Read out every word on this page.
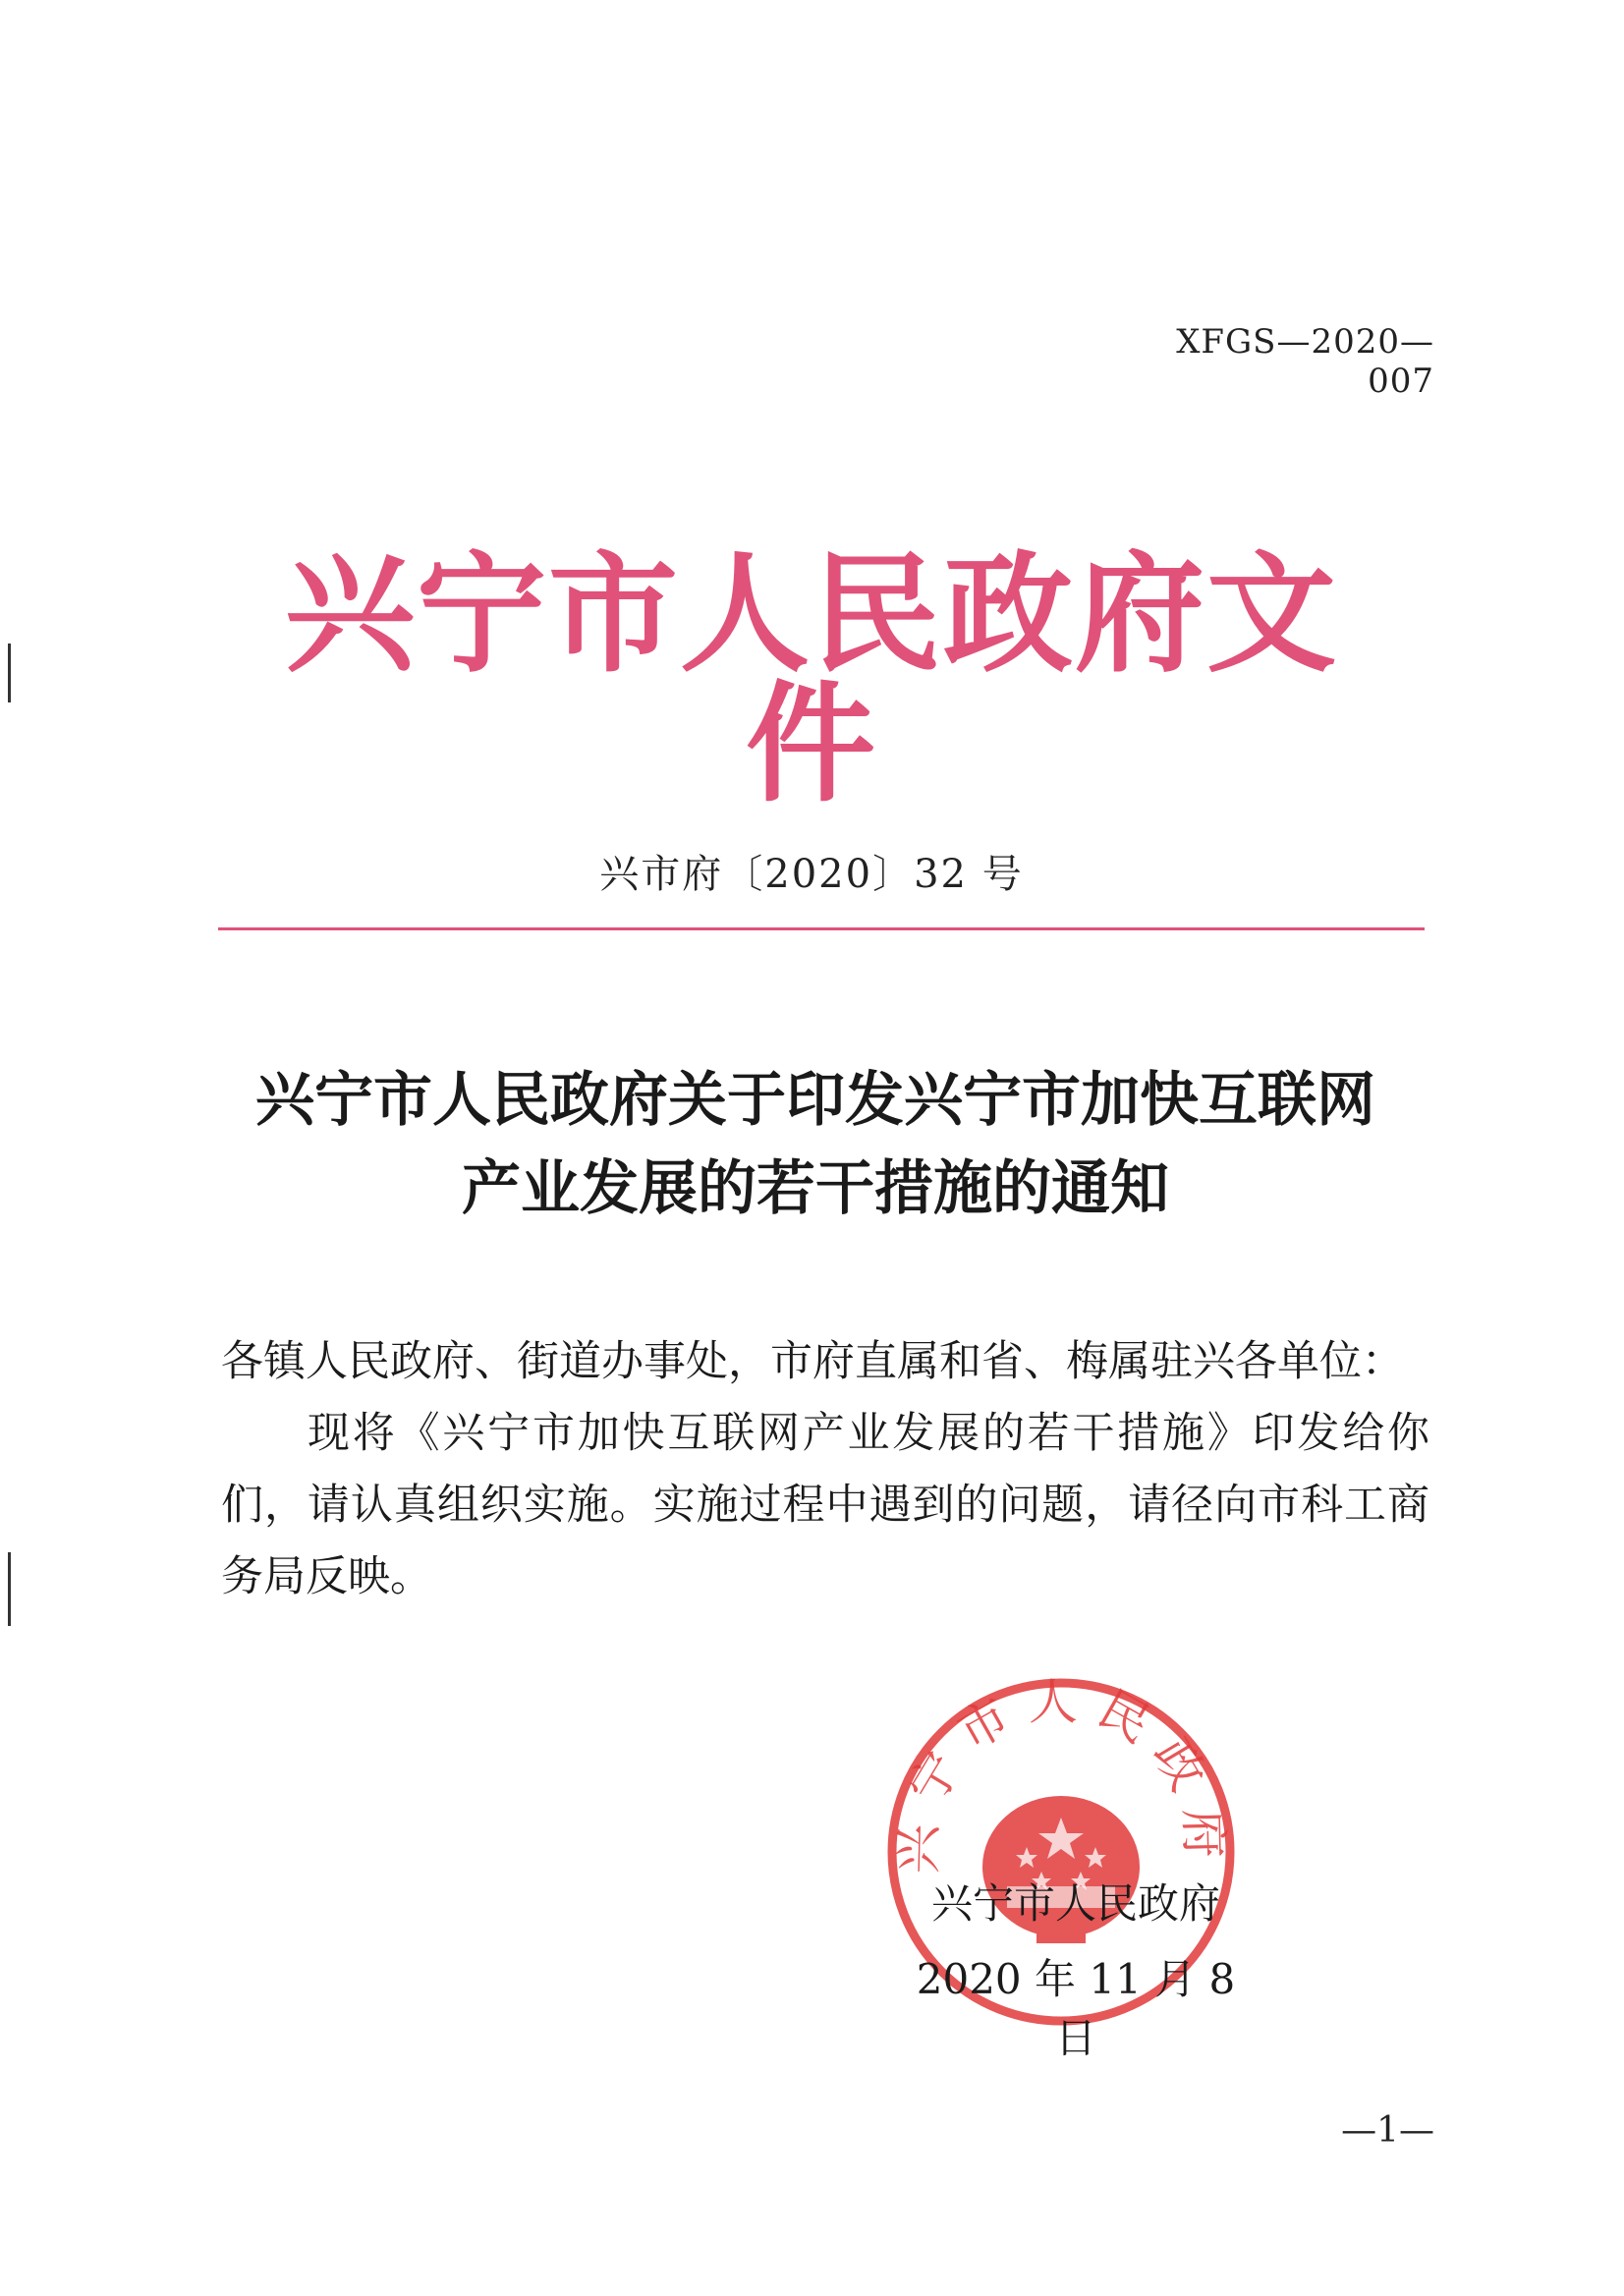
XFGS—2020—007
兴宁市人民政府文件
兴市府〔2020〕32 号
兴宁市人民政府关于印发兴宁市加快互联网
产业发展的若干措施的通知

各镇人民政府、街道办事处，市府直属和省、梅属驻兴各单位：

现将《兴宁市加快互联网产业发展的若干措施》印发给你们，请认真组织实施。实施过程中遇到的问题，请径向市科工商务局反映。

兴宁市人民政府
兴宁市人民政府
2020 年 11 月 8 日
—1—
